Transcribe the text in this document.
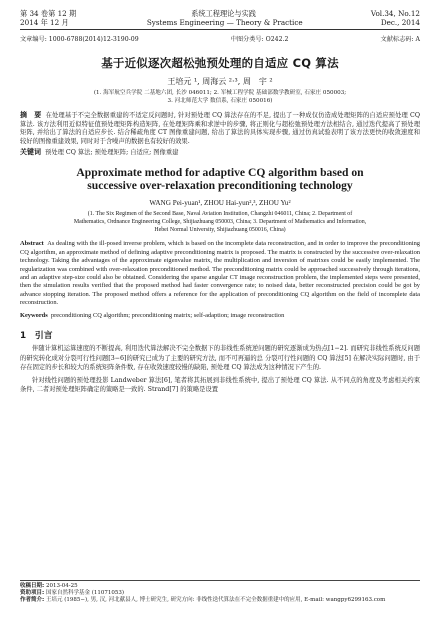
第 34 卷第 12 期	系统工程理论与实践	Vol.34, No.12
2014 年 12 月	Systems Engineering — Theory & Practice	Dec., 2014
文章编号: 1000-6788(2014)12-3190-09	中图分类号: O242.2	文献标志码: A
基于近似逐次超松弛预处理的自适应 CQ 算法
王培元 ¹, 周海云 ²·³, 周　宇 ²
(1. 海军航空兵学院 二基地六团, 长沙 046011; 2. 军械工程学院 基础部数学教研室, 石家庄 050003;
3. 河北师范大学 数信系, 石家庄 050016)
摘　要 在处理基于不完全数据重建的不适定反问题时, 针对预处理 CQ 算法存在的不足, 提出了一种成仅仿造成处理矩阵的自适应预处理 CQ 算法. 该方法利用近似特征值预处理矩阵构造矩阵, 在处理矩阵乘和求逆中的步骤, 将正则化与超松弛预处理方法相结合, 通过迭代提高了预处理矩阵, 并给出了算法的自适应步长. 结合稀疏角度 CT 图像重建问题, 给出了算法的具体实现步骤, 通过仿真试验表明了该方法更快的收敛速度和较好的图像重建效果, 同时对于含噪声的数据也有较好的效果.
关键词 预处理 CQ 算法; 预处理矩阵; 自适应; 图像重建
Approximate method for adaptive CQ algorithm based on
successive over-relaxation preconditioning technology
WANG Pei-yuan¹, ZHOU Hai-yun²,³, ZHOU Yu²
(1. The Six Regimen of the Second Base, Naval Aviation Institution, Changzhi 046011, China; 2. Department of
Mathematics, Ordnance Engineering College, Shijiazhuang 050003, China; 3. Department of Mathematics and Information,
Hebei Normal University, Shijiazhuang 050016, China)
Abstract As dealing with the ill-posed inverse problem, which is based on the incomplete data reconstruction, and in order to improve the preconditioning CQ algorithm, an approximate method of defining adaptive preconditioning matrix is proposed. The matrix is constructed by the successive over-relaxation technology. Taking the advantages of the approximate eigenvalue matrix, the multiplication and inversion of matrixes could be easily implemented. The regularization was combined with over-relaxation preconditioned method. The preconditioning matrix could be approached successively through iterations, and an adaptive step-size could also be obtained. Considering the sparse angular CT image reconstruction problem, the implemented steps were presented, then the simulation results verified that the proposed method had faster convergence rate; to noised data, better reconstructed precision could be got by advance stopping iteration. The proposed method offers a reference for the application of preconditioning CQ algorithm on the field of incomplete data reconstruction.
Keywords preconditioning CQ algorithm; preconditioning matrix; self-adaption; image reconstruction
1　引言

伴随计算机运算速度的不断提高, 利用迭代算法解决不完全数据下的非线性系统逆问题的研究逐渐成为热点[1−2]. 而研究非线性系统反问题的研究转化成对分裂可行性问题[3−6]的研究已成为了主要的研究方法, 而不可再逼的总 分裂可行性问题的 CQ 算法[5] 在解决实际问题时, 由于存在固定的步长和较大的系统矩阵条件数, 存在收敛速度较慢的缺陷, 预处理 CQ 算法成为这种情况下产生的.

针对线性问题的预处理投影 Landweber 算法[6], 笔者将其拓展到非线性系统中, 提出了预处理 CQ 算法. 从不同点的角度及考虑相关约束条件, 二者对预处理矩阵确定的策略是一致的. Strand[7] 的策略是设置

收稿日期: 2013-04-25
资助项目: 国家自然科学基金 (11071053)
作者简介: 王培元 (1985−), 男, 汉, 河北献县人, 博士研究生, 研究方向: 非线性迭代算法在不完全数据重建中的应用, E-mail: wangpy6299163.com
